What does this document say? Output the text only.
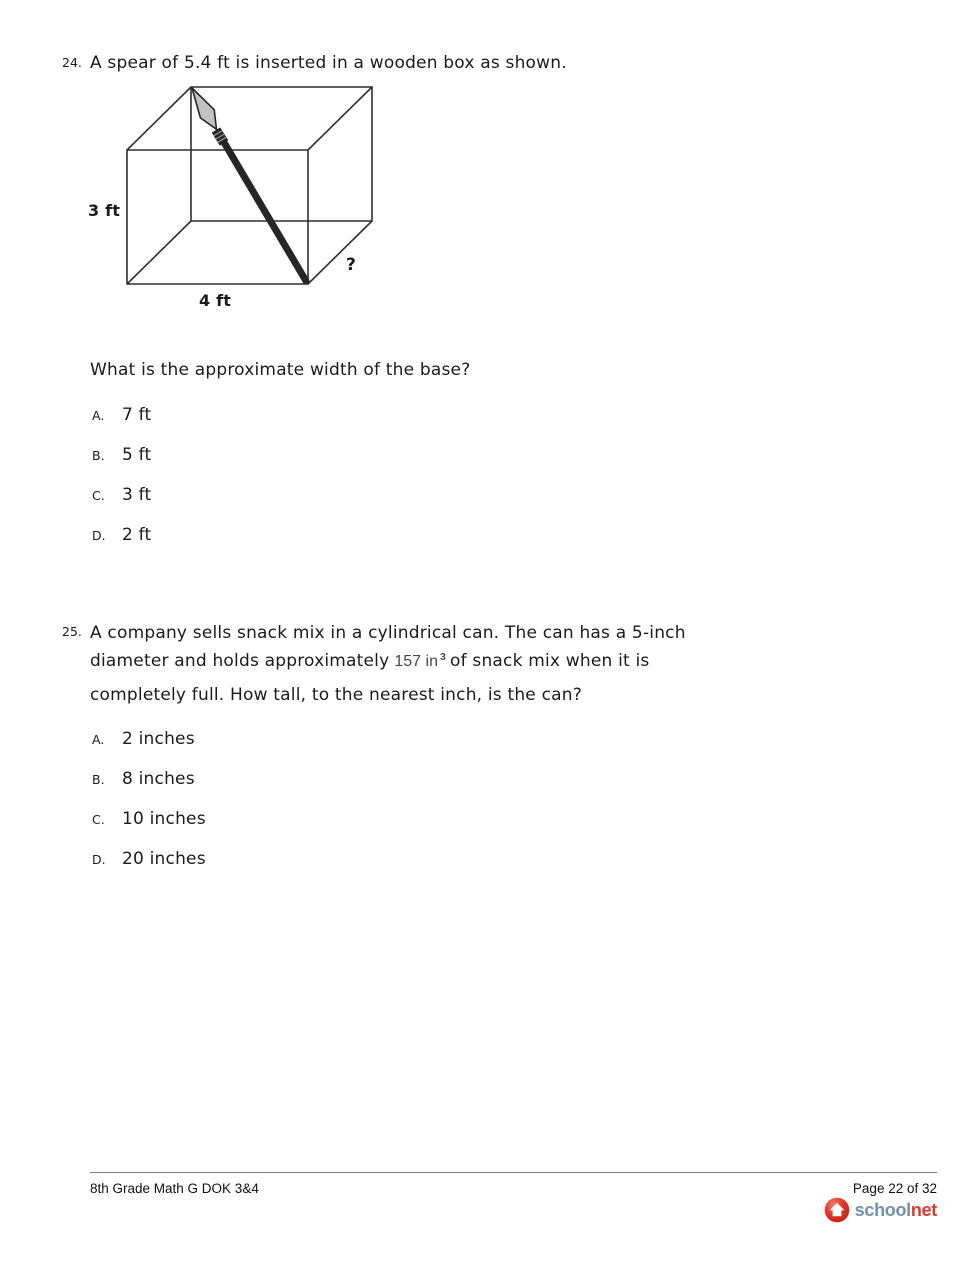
24. A spear of 5.4 ft is inserted in a wooden box as shown.
3 ft
4 ft
?
What is the approximate width of the base?
A. 7 ft
B. 5 ft
C. 3 ft
D. 2 ft
25. A company sells snack mix in a cylindrical can. The can has a 5-inch
diameter and holds approximately 157 in $^3$ of snack mix when it is
completely full. How tall, to the nearest inch, is the can?
A. 2 inches
B. 8 inches
C. 10 inches
D. 20 inches
8th Grade Math G DOK 3&4	Page 22 of 32
schoolnet
